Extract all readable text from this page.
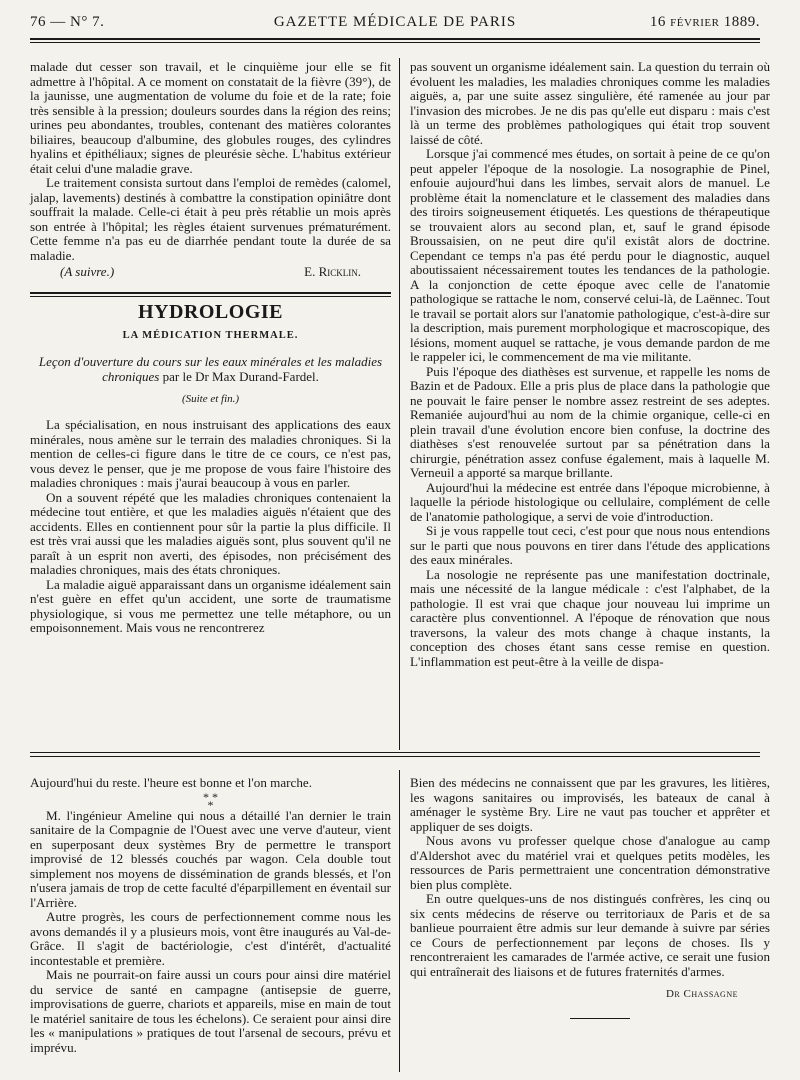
76 — N° 7.	GAZETTE MÉDICALE DE PARIS	16 FÉVRIER 1889.

malade dut cesser son travail, et le cinquième jour elle se fit admettre à l'hôpital. A ce moment on constatait de la fièvre (39°), de la jaunisse, une augmentation de volume du foie et de la rate; foie très sensible à la pression; douleurs sourdes dans la région des reins; urines peu abondantes, troubles, contenant des matières colorantes biliaires, beaucoup d'albumine, des globules rouges, des cylindres hyalins et épithéliaux; signes de pleurésie sèche. L'habitus extérieur était celui d'une maladie grave.

Le traitement consista surtout dans l'emploi de remèdes (calomel, jalap, lavements) destinés à combattre la constipation opiniâtre dont souffrait la malade. Celle-ci était à peu près rétablie un mois après son entrée à l'hôpital; les règles étaient survenues prématurément. Cette femme n'a pas eu de diarrhée pendant toute la durée de sa maladie.

(A suivre.)	E. Ricklin.
HYDROLOGIE
LA MÉDICATION THERMALE.
Leçon d'ouverture du cours sur les eaux minérales et les maladies chroniques par le Dr Max Durand-Fardel.
(Suite et fin.)

La spécialisation, en nous instruisant des applications des eaux minérales, nous amène sur le terrain des maladies chroniques. Si la mention de celles-ci figure dans le titre de ce cours, ce n'est pas, vous devez le penser, que je me propose de vous faire l'histoire des maladies chroniques : mais j'aurai beaucoup à vous en parler.

On a souvent répété que les maladies chroniques contenaient la médecine tout entière, et que les maladies aiguës n'étaient que des accidents. Elles en contiennent pour sûr la partie la plus difficile. Il est très vrai aussi que les maladies aiguës sont, plus souvent qu'il ne paraît à un esprit non averti, des épisodes, non précisément des maladies chroniques, mais des états chroniques.

La maladie aiguë apparaissant dans un organisme idéalement sain n'est guère en effet qu'un accident, une sorte de traumatisme physiologique, si vous me permettez une telle métaphore, ou un empoisonnement. Mais vous ne rencontrerez

pas souvent un organisme idéalement sain. La question du terrain où évoluent les maladies, les maladies chroniques comme les maladies aiguës, a, par une suite assez singulière, été ramenée au jour par l'invasion des microbes. Je ne dis pas qu'elle eut disparu : mais c'est là un terme des problèmes pathologiques qui était trop souvent laissé de côté.

Lorsque j'ai commencé mes études, on sortait à peine de ce qu'on peut appeler l'époque de la nosologie. La nosographie de Pinel, enfouie aujourd'hui dans les limbes, servait alors de manuel. Le problème était la nomenclature et le classement des maladies dans des tiroirs soigneusement étiquetés. Les questions de thérapeutique se trouvaient alors au second plan, et, sauf le grand épisode Broussaisien, on ne peut dire qu'il existât alors de doctrine. Cependant ce temps n'a pas été perdu pour le diagnostic, auquel aboutissaient nécessairement toutes les tendances de la pathologie. A la conjonction de cette époque avec celle de l'anatomie pathologique se rattache le nom, conservé celui-là, de Laënnec. Tout le travail se portait alors sur l'anatomie pathologique, c'est-à-dire sur la description, mais purement morphologique et macroscopique, des lésions, moment auquel se rattache, je vous demande pardon de me le rappeler ici, le commencement de ma vie militante.

Puis l'époque des diathèses est survenue, et rappelle les noms de Bazin et de Padoux. Elle a pris plus de place dans la pathologie que ne pouvait le faire penser le nombre assez restreint de ses adeptes. Remaniée aujourd'hui au nom de la chimie organique, celle-ci en plein travail d'une évolution encore bien confuse, la doctrine des diathèses s'est renouvelée surtout par sa pénétration dans la chirurgie, pénétration assez confuse également, mais à laquelle M. Verneuil a apporté sa marque brillante.

Aujourd'hui la médecine est entrée dans l'époque microbienne, à laquelle la période histologique ou cellulaire, complément de celle de l'anatomie pathologique, a servi de voie d'introduction.

Si je vous rappelle tout ceci, c'est pour que nous nous entendions sur le parti que nous pouvons en tirer dans l'étude des applications des eaux minérales.

La nosologie ne représente pas une manifestation doctrinale, mais une nécessité de la langue médicale : c'est l'alphabet, de la pathologie. Il est vrai que chaque jour nouveau lui imprime un caractère plus conventionnel. A l'époque de rénovation que nous traversons, la valeur des mots change à chaque instants, la conception des choses étant sans cesse remise en question. L'inflammation est peut-être à la veille de dispa-

Aujourd'hui du reste. l'heure est bonne et l'on marche.

* *
*

M. l'ingénieur Ameline qui nous a détaillé l'an dernier le train sanitaire de la Compagnie de l'Ouest avec une verve d'auteur, vient en superposant deux systèmes Bry de permettre le transport improvisé de 12 blessés couchés par wagon. Cela double tout simplement nos moyens de dissémination de grands blessés, et l'on n'usera jamais de trop de cette faculté d'éparpillement en éventail sur l'Arrière.

Autre progrès, les cours de perfectionnement comme nous les avons demandés il y a plusieurs mois, vont être inaugurés au Val-de-Grâce. Il s'agit de bactériologie, c'est d'intérêt, d'actualité incontestable et première.

Mais ne pourrait-on faire aussi un cours pour ainsi dire matériel du service de santé en campagne (antisepsie de guerre, improvisations de guerre, chariots et appareils, mise en main de tout le matériel sanitaire de tous les échelons). Ce seraient pour ainsi dire les « manipulations » pratiques de tout l'arsenal de secours, prévu et imprévu.

Bien des médecins ne connaissent que par les gravures, les litières, les wagons sanitaires ou improvisés, les bateaux de canal à aménager le système Bry. Lire ne vaut pas toucher et apprêter et appliquer de ses doigts.

Nous avons vu professer quelque chose d'analogue au camp d'Aldershot avec du matériel vrai et quelques petits modèles, les ressources de Paris permettraient une concentration démonstrative bien plus complète.

En outre quelques-uns de nos distingués confrères, les cinq ou six cents médecins de réserve ou territoriaux de Paris et de sa banlieue pourraient être admis sur leur demande à suivre par séries ce Cours de perfectionnement par leçons de choses. Ils y rencontreraient les camarades de l'armée active, ce serait une fusion qui entraînerait des liaisons et de futures fraternités d'armes.

Dr Chassagne
